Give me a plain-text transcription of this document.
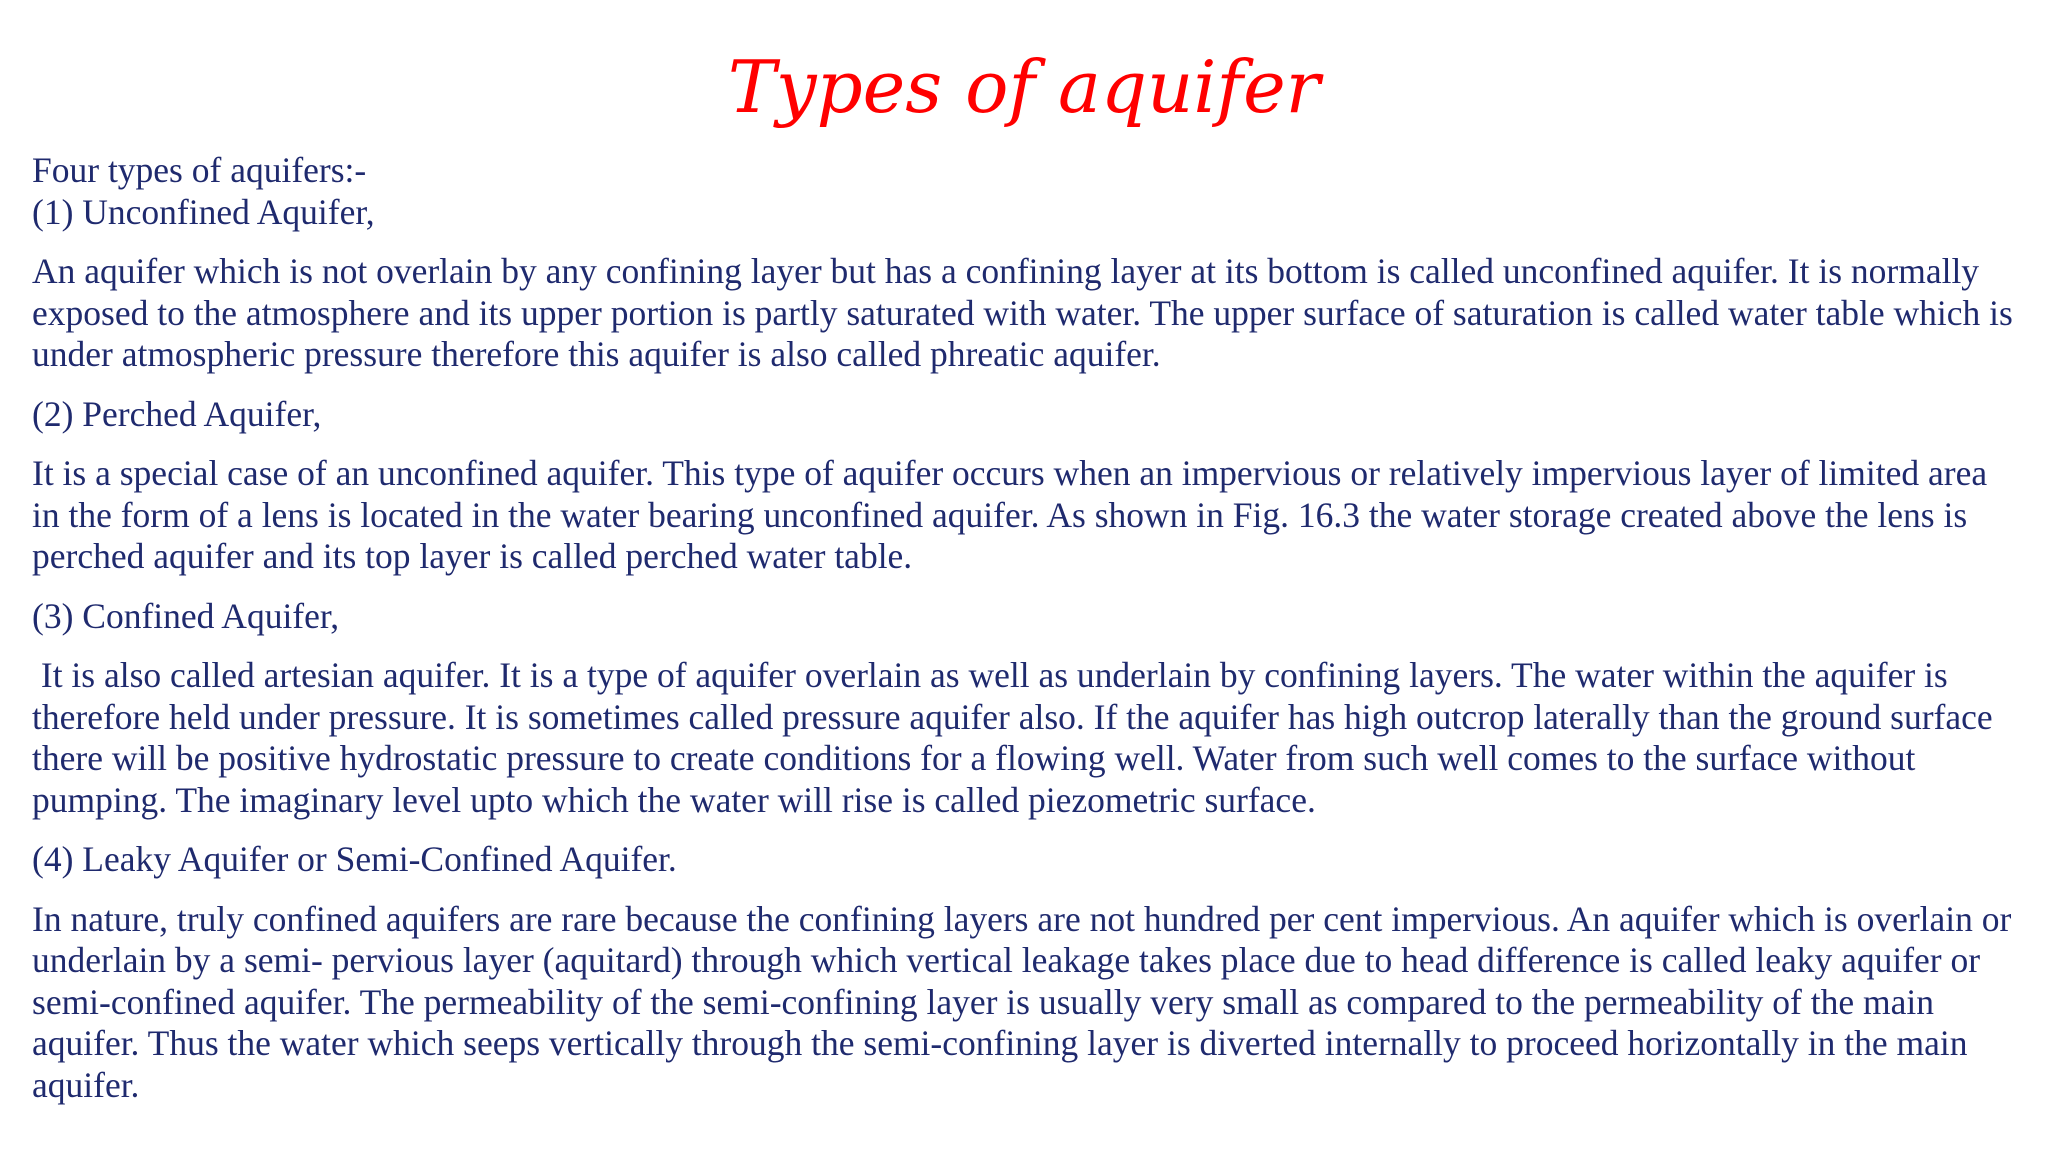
Types of aquifer

Four types of aquifers:-

(1) Unconfined Aquifer,

An aquifer which is not overlain by any confining layer but has a confining layer at its bottom is called unconfined aquifer. It is normally exposed to the atmosphere and its upper portion is partly saturated with water. The upper surface of saturation is called water table which is under atmospheric pressure therefore this aquifer is also called phreatic aquifer.

(2) Perched Aquifer,

It is a special case of an unconfined aquifer. This type of aquifer occurs when an impervious or relatively impervious layer of limited area in the form of a lens is located in the water bearing unconfined aquifer. As shown in Fig. 16.3 the water storage created above the lens is perched aquifer and its top layer is called perched water table.

(3) Confined Aquifer,

It is also called artesian aquifer. It is a type of aquifer overlain as well as underlain by confining layers. The water within the aquifer is therefore held under pressure. It is sometimes called pressure aquifer also. If the aquifer has high outcrop laterally than the ground surface there will be positive hydrostatic pressure to create conditions for a flowing well. Water from such well comes to the surface without pumping. The imaginary level upto which the water will rise is called piezometric surface.

(4) Leaky Aquifer or Semi-Confined Aquifer.

In nature, truly confined aquifers are rare because the confining layers are not hundred per cent impervious. An aquifer which is overlain or underlain by a semi- pervious layer (aquitard) through which vertical leakage takes place due to head difference is called leaky aquifer or semi-confined aquifer. The permeability of the semi-confining layer is usually very small as compared to the permeability of the main aquifer. Thus the water which seeps vertically through the semi-confining layer is diverted internally to proceed horizontally in the main aquifer.
